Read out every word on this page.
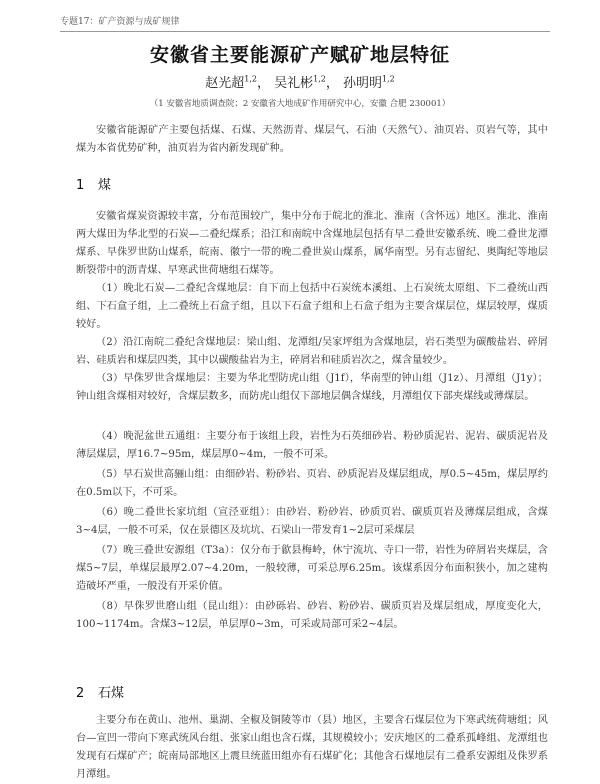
专题17：矿产资源与成矿规律
安徽省主要能源矿产赋矿地层特征
赵光超$^{1,2}$， 吴礼彬$^{1,2}$， 孙明明$^{1,2}$
（1 安徽省地质调查院；2 安徽省大地成矿作用研究中心，安徽 合肥 230001）

安徽省能源矿产主要包括煤、石煤、天然沥青、煤层气、石油（天然气）、油页岩、页岩气等，其中煤为本省优势矿种，油页岩为省内新发现矿种。

1 煤

安徽省煤炭资源较丰富，分布范围较广，集中分布于皖北的淮北、淮南（含怀远）地区。淮北、淮南两大煤田为华北型的石炭—二叠纪煤系；沿江和南皖中含煤地层包括有早二叠世安徽系统、晚二叠世龙潭煤系、早侏罗世防山煤系，皖南、徽宁一带的晚二叠世炭山煤系，属华南型。另有志留纪、奥陶纪等地层断裂带中的沥青煤、早寒武世荷塘组石煤等。

（1）晚北石炭—二叠纪含煤地层：自下而上包括中石炭统本溪组、上石炭统太原组、下二叠统山西组、下石盒子组，上二叠统上石盒子组，且以下石盒子组和上石盒子组为主要含煤层位，煤层较厚，煤质较好。

（2）沿江南皖二叠纪含煤地层：梁山组、龙潭组/吴家坪组为含煤地层，岩石类型为碳酸盐岩、碎屑岩、硅质岩和煤层四类，其中以碳酸盐岩为主，碎屑岩和硅质岩次之，煤含量较少。

（3）早侏罗世含煤地层：主要为华北型防虎山组（J1f），华南型的钟山组（J1z）、月潭组（J1y）；钟山组含煤相对较好，含煤层数多，而防虎山组仅下部地层偶含煤线，月潭组仅下部夹煤线或薄煤层。

（4）晚泥盆世五通组：主要分布于该组上段，岩性为石英细砂岩、粉砂质泥岩、泥岩、碳质泥岩及薄层煤层，厚16.7~95m，煤层厚0~4m，一般不可采。

（5）早石炭世高骊山组：由细砂岩、粉砂岩、页岩、砂质泥岩及煤层组成，厚0.5~45m，煤层厚约在0.5m以下，不可采。

（6）晚二叠世长家坑组（宣泾亚组）：由砂岩、粉砂岩、砂质页岩、碳质页岩及薄煤层组成，含煤3~4层，一般不可采，仅在景德区及坑坑、石梁山一带发育1~2层可采煤层

（7）晚三叠世安源组（T3a）：仅分布于歙县梅岭，休宁流坑、寺口一带，岩性为碎屑岩夹煤层，含煤5~7层，单煤层最厚2.07~4.20m，一般较薄，可采总厚6.25m。该煤系因分布面积狭小，加之建构造破坏严重，一般没有开采价值。

（8）早侏罗世磨山组（昆山组）：由砂砾岩、砂岩、粉砂岩、碳质页岩及煤层组成，厚度变化大，100~1174m。含煤3~12层，单层厚0~3m，可采或局部可采2~4层。

2 石煤

主要分布在黄山、池州、巢湖、全椒及铜陵等市（县）地区，主要含石煤层位为下寒武统荷塘组；风台—宣凹一带向下寒武统风台组、张家山组也含石煤，其规模较小；安庆地区的二叠系孤峰组、龙潭组也发现有石煤矿产；皖南局部地区上震旦统蓝田组亦有石煤矿化；其他含石煤地层有二叠系安源组及侏罗系月潭组。
